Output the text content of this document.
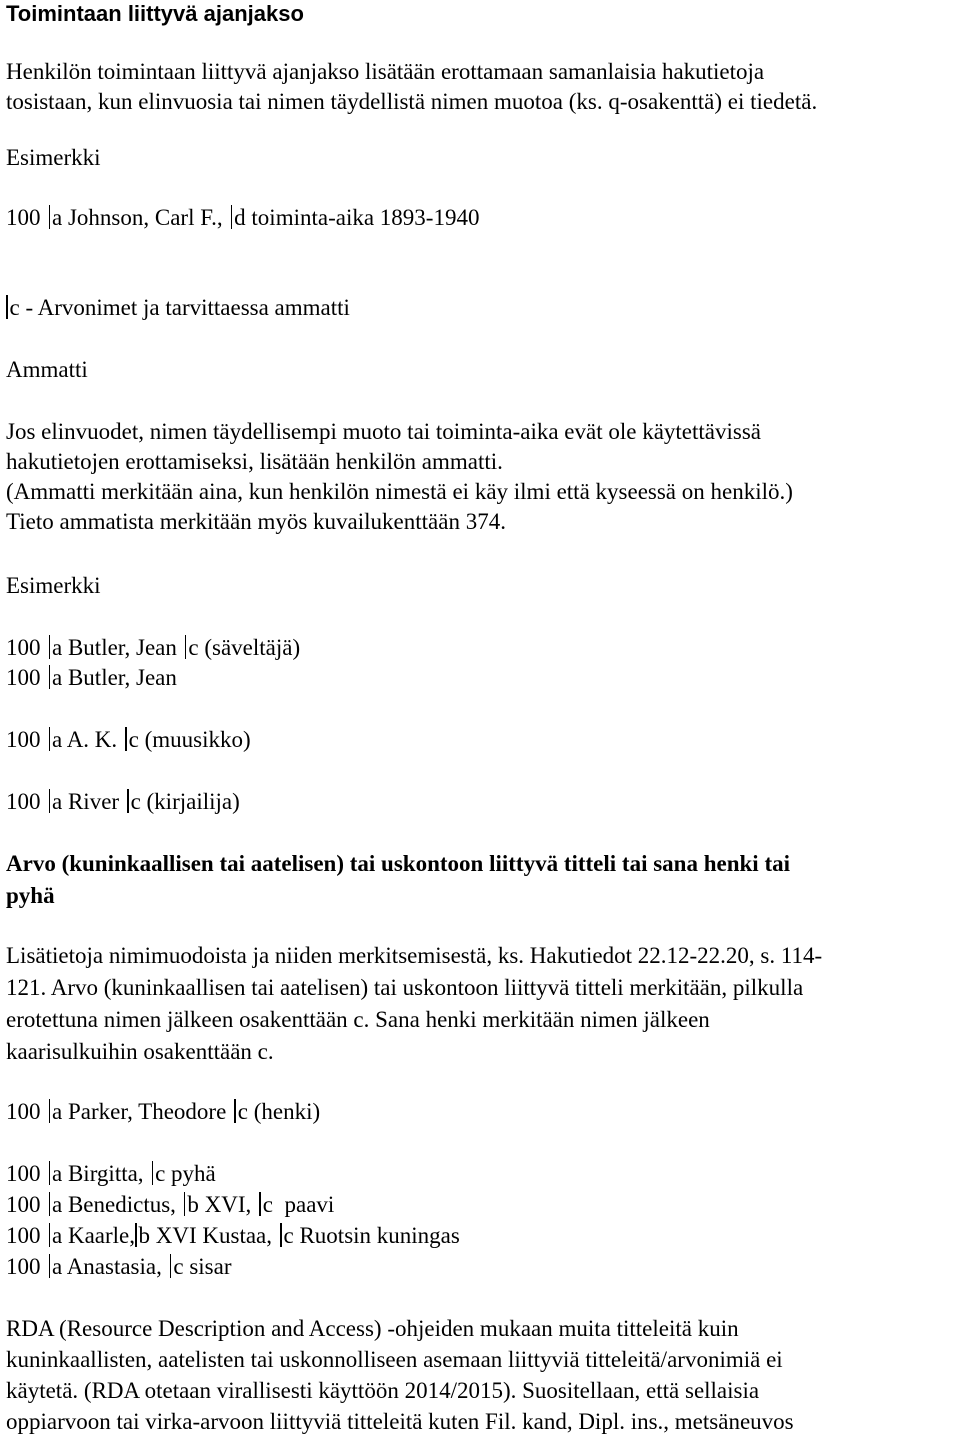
Toimintaan liittyvä ajanjakso
Henkilön toimintaan liittyvä ajanjakso lisätään erottamaan samanlaisia hakutietoja
tosistaan, kun elinvuosia tai nimen täydellistä nimen muotoa (ks. q-osakenttä) ei tiedetä.
Esimerkki
100 a Johnson, Carl F., d toiminta-aika 1893-1940
c - Arvonimet ja tarvittaessa ammatti
Ammatti
Jos elinvuodet, nimen täydellisempi muoto tai toiminta-aika evät ole käytettävissä
hakutietojen erottamiseksi, lisätään henkilön ammatti.
(Ammatti merkitään aina, kun henkilön nimestä ei käy ilmi että kyseessä on henkilö.)
Tieto ammatista merkitään myös kuvailukenttään 374.
Esimerkki
100 a Butler, Jean c (säveltäjä)
100 a Butler, Jean
100 a A. K. c (muusikko)
100 a River c (kirjailija)
Arvo (kuninkaallisen tai aatelisen) tai uskontoon liittyvä titteli tai sana henki tai
pyhä
Lisätietoja nimimuodoista ja niiden merkitsemisestä, ks. Hakutiedot 22.12-22.20, s. 114-
121. Arvo (kuninkaallisen tai aatelisen) tai uskontoon liittyvä titteli merkitään, pilkulla
erotettuna nimen jälkeen osakenttään c. Sana henki merkitään nimen jälkeen
kaarisulkuihin osakenttään c.
100 a Parker, Theodore c (henki)
100 a Birgitta, c pyhä
100 a Benedictus, b XVI, c  paavi
100 a Kaarle, b XVI Kustaa, c Ruotsin kuningas
100 a Anastasia, c sisar
RDA (Resource Description and Access) -ohjeiden mukaan muita titteleitä kuin
kuninkaallisten, aatelisten tai uskonnolliseen asemaan liittyviä titteleitä/arvonimiä ei
käytetä. (RDA otetaan virallisesti käyttöön 2014/2015). Suositellaan, että sellaisia
oppiarvoon tai virka-arvoon liittyviä titteleitä kuten Fil. kand, Dipl. ins., metsäneuvos
